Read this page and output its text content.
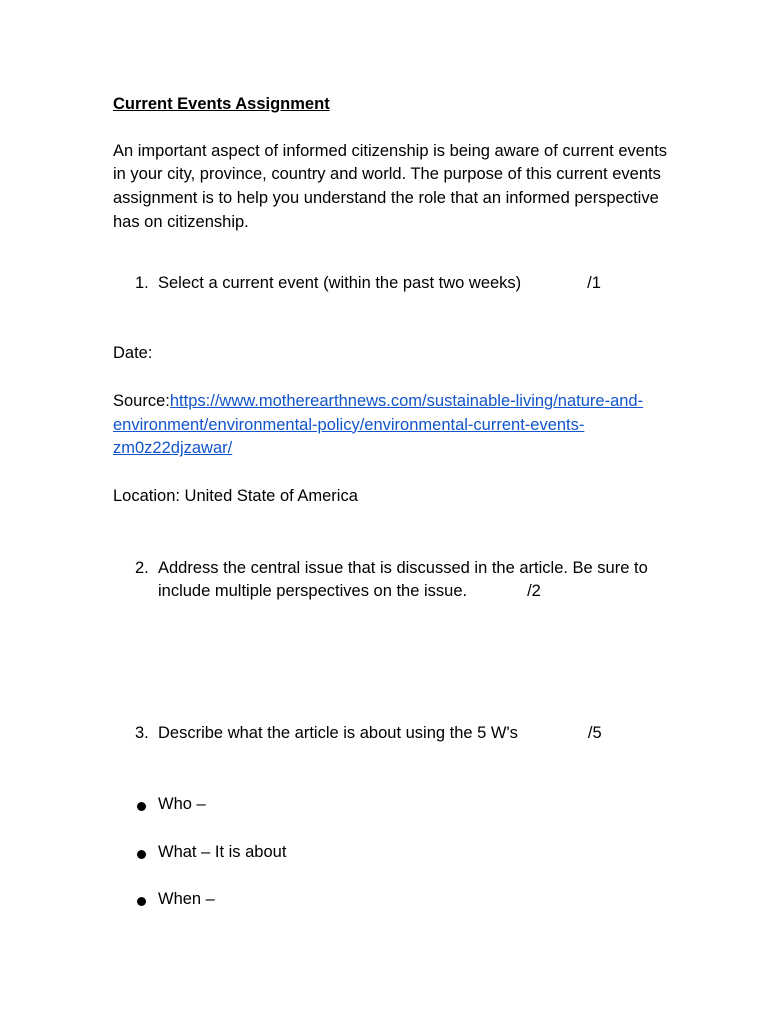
Current Events Assignment

An important aspect of informed citizenship is being aware of current events in your city, province, country and world. The purpose of this current events assignment is to help you understand the role that an informed perspective has on citizenship.

1. Select a current event (within the past two weeks)	/1

Date:

Source:https://www.motherearthnews.com/sustainable-living/nature-and-environment/environmental-policy/environmental-current-events-zm0z22djzawar/

Location: United State of America

2. Address the central issue that is discussed in the article. Be sure to include multiple perspectives on the issue.	/2

3. Describe what the article is about using the 5 W's	/5

Who –

What – It is about

When –
